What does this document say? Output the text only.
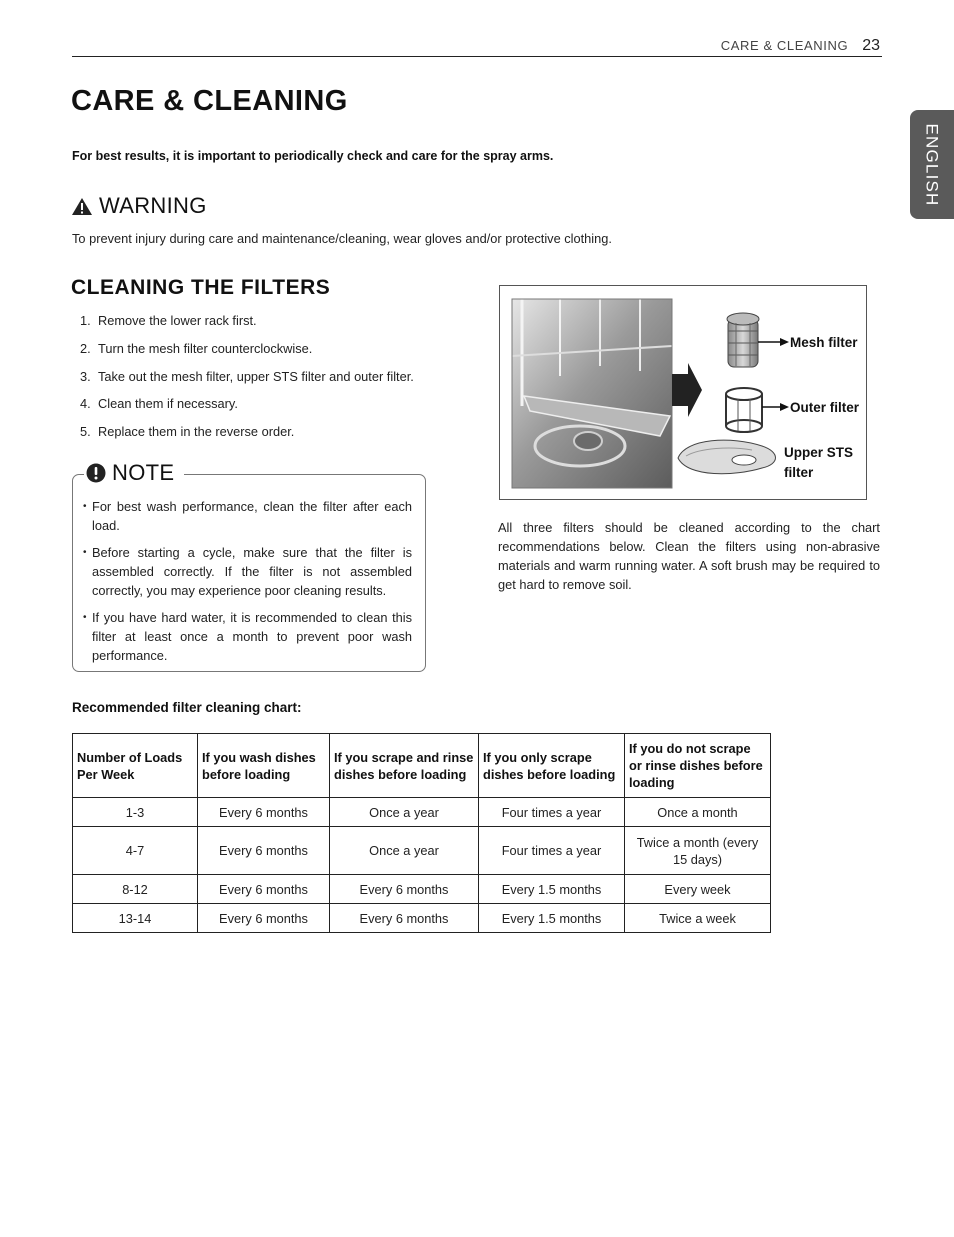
CARE & CLEANING 23
ENGLISH
CARE & CLEANING
For best results, it is important to periodically check and care for the spray arms.
WARNING
To prevent injury during care and maintenance/cleaning, wear gloves and/or protective clothing.
CLEANING THE FILTERS
1. Remove the lower rack first.
2. Turn the mesh filter counterclockwise.
3. Take out the mesh filter, upper STS filter and outer filter.
4. Clean them if necessary.
5. Replace them in the reverse order.
NOTE
• For best wash performance, clean the filter after each load.
• Before starting a cycle, make sure that the filter is assembled correctly. If the filter is not assembled correctly, you may experience poor cleaning results.
• If you have hard water, it is recommended to clean this filter at least once a month to prevent poor wash performance.
Mesh filter
Outer filter
Upper STS
filter

All three filters should be cleaned according to the chart recommendations below. Clean the filters using non-abrasive materials and warm running water. A soft brush may be required to get hard to remove soil.

Recommended filter cleaning chart:
Number of Loads Per Week	If you wash dishes before loading	If you scrape and rinse dishes before loading	If you only scrape dishes before loading	If you do not scrape or rinse dishes before loading
1-3	Every 6 months	Once a year	Four times a year	Once a month
4-7	Every 6 months	Once a year	Four times a year	Twice a month (every 15 days)
8-12	Every 6 months	Every 6 months	Every 1.5 months	Every week
13-14	Every 6 months	Every 6 months	Every 1.5 months	Twice a week
